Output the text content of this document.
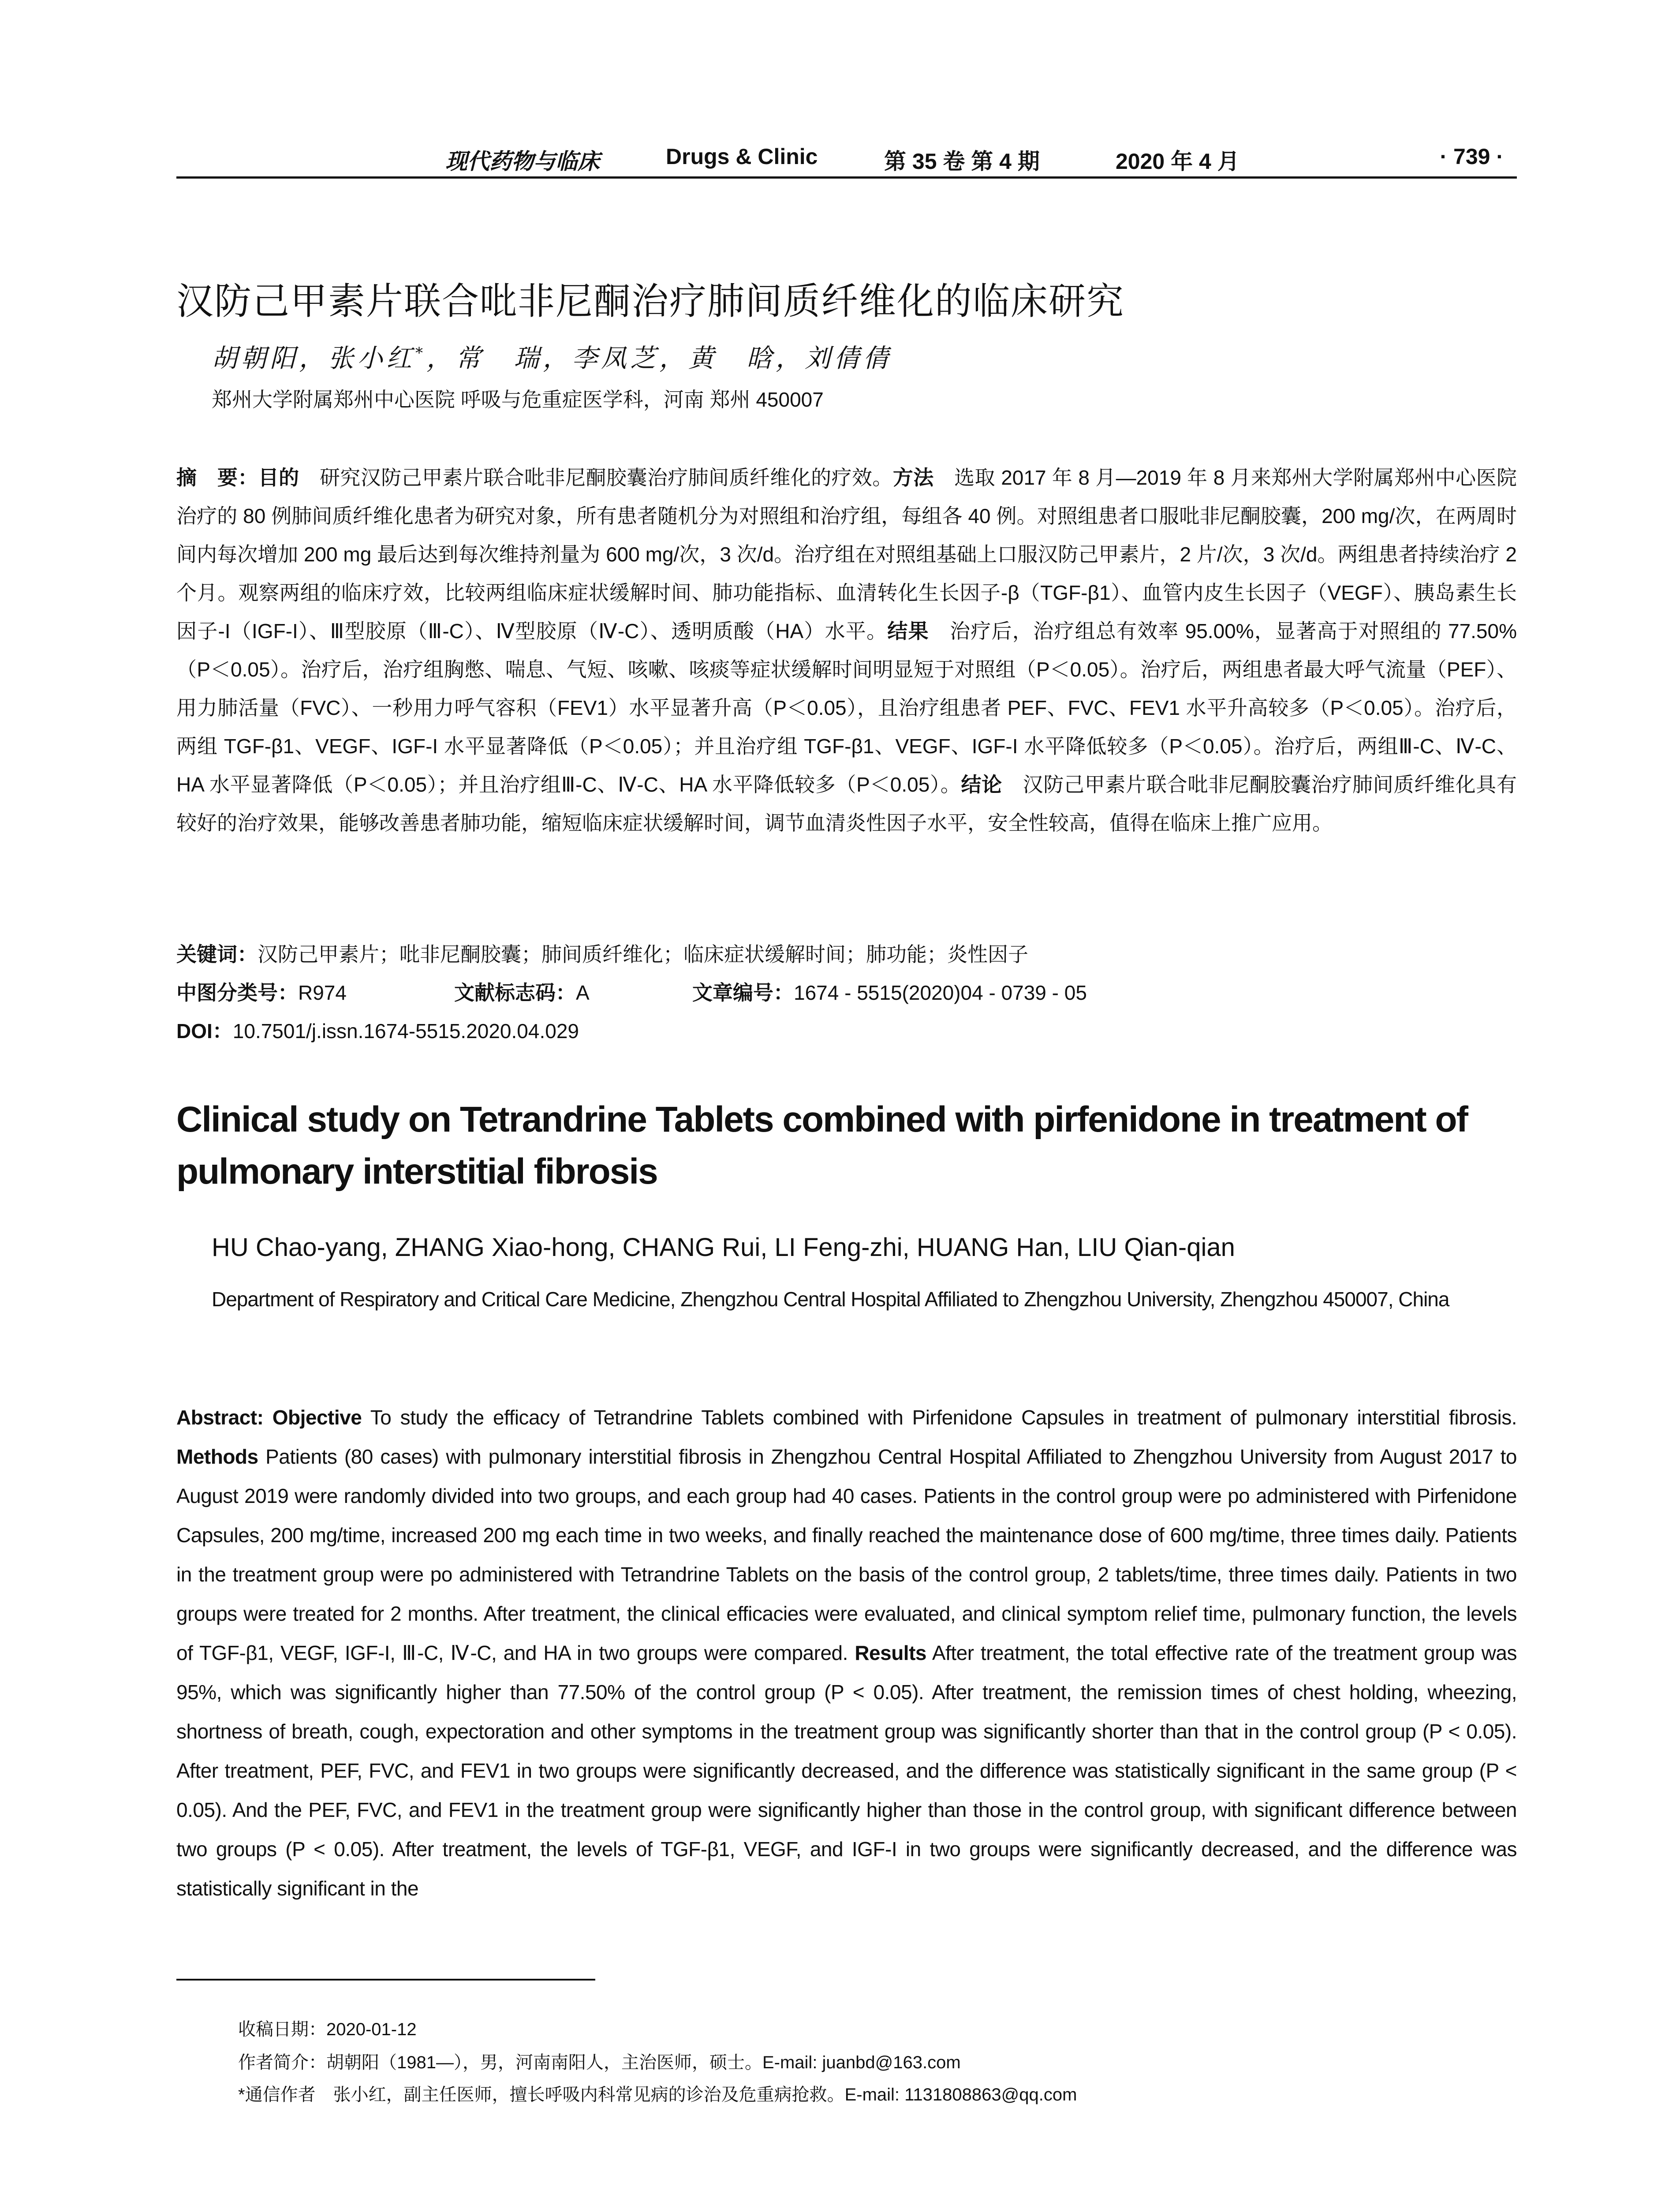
现代药物与临床	Drugs & Clinic	第 35 卷 第 4 期	2020 年 4 月	· 739 ·
汉防己甲素片联合吡非尼酮治疗肺间质纤维化的临床研究
胡朝阳，张小红*，常　瑞，李凤芝，黄　晗，刘倩倩
郑州大学附属郑州中心医院 呼吸与危重症医学科，河南 郑州 450007

摘　要：目的　研究汉防己甲素片联合吡非尼酮胶囊治疗肺间质纤维化的疗效。方法　选取 2017 年 8 月—2019 年 8 月来郑州大学附属郑州中心医院治疗的 80 例肺间质纤维化患者为研究对象，所有患者随机分为对照组和治疗组，每组各 40 例。对照组患者口服吡非尼酮胶囊，200 mg/次，在两周时间内每次增加 200 mg 最后达到每次维持剂量为 600 mg/次，3 次/d。治疗组在对照组基础上口服汉防己甲素片，2 片/次，3 次/d。两组患者持续治疗 2 个月。观察两组的临床疗效，比较两组临床症状缓解时间、肺功能指标、血清转化生长因子-β（TGF-β1）、血管内皮生长因子（VEGF）、胰岛素生长因子-I（IGF-I）、Ⅲ型胶原（Ⅲ-C）、Ⅳ型胶原（Ⅳ-C）、透明质酸（HA）水平。结果　治疗后，治疗组总有效率 95.00%，显著高于对照组的 77.50%（P＜0.05）。治疗后，治疗组胸憋、喘息、气短、咳嗽、咳痰等症状缓解时间明显短于对照组（P＜0.05）。治疗后，两组患者最大呼气流量（PEF）、用力肺活量（FVC）、一秒用力呼气容积（FEV1）水平显著升高（P＜0.05），且治疗组患者 PEF、FVC、FEV1 水平升高较多（P＜0.05）。治疗后，两组 TGF-β1、VEGF、IGF-I 水平显著降低（P＜0.05）；并且治疗组 TGF-β1、VEGF、IGF-I 水平降低较多（P＜0.05）。治疗后，两组Ⅲ-C、Ⅳ-C、HA 水平显著降低（P＜0.05）；并且治疗组Ⅲ-C、Ⅳ-C、HA 水平降低较多（P＜0.05）。结论　汉防己甲素片联合吡非尼酮胶囊治疗肺间质纤维化具有较好的治疗效果，能够改善患者肺功能，缩短临床症状缓解时间，调节血清炎性因子水平，安全性较高，值得在临床上推广应用。

关键词：汉防己甲素片；吡非尼酮胶囊；肺间质纤维化；临床症状缓解时间；肺功能；炎性因子
中图分类号：R974	文献标志码：A	文章编号：1674 - 5515(2020)04 - 0739 - 05
DOI：10.7501/j.issn.1674-5515.2020.04.029
Clinical study on Tetrandrine Tablets combined with pirfenidone in treatment of pulmonary interstitial fibrosis
HU Chao-yang, ZHANG Xiao-hong, CHANG Rui, LI Feng-zhi, HUANG Han, LIU Qian-qian

Department of Respiratory and Critical Care Medicine, Zhengzhou Central Hospital Affiliated to Zhengzhou University, Zhengzhou 450007, China

Abstract: Objective To study the efficacy of Tetrandrine Tablets combined with Pirfenidone Capsules in treatment of pulmonary interstitial fibrosis. Methods Patients (80 cases) with pulmonary interstitial fibrosis in Zhengzhou Central Hospital Affiliated to Zhengzhou University from August 2017 to August 2019 were randomly divided into two groups, and each group had 40 cases. Patients in the control group were po administered with Pirfenidone Capsules, 200 mg/time, increased 200 mg each time in two weeks, and finally reached the maintenance dose of 600 mg/time, three times daily. Patients in the treatment group were po administered with Tetrandrine Tablets on the basis of the control group, 2 tablets/time, three times daily. Patients in two groups were treated for 2 months. After treatment, the clinical efficacies were evaluated, and clinical symptom relief time, pulmonary function, the levels of TGF-β1, VEGF, IGF-I, Ⅲ-C, Ⅳ-C, and HA in two groups were compared. Results After treatment, the total effective rate of the treatment group was 95%, which was significantly higher than 77.50% of the control group (P < 0.05). After treatment, the remission times of chest holding, wheezing, shortness of breath, cough, expectoration and other symptoms in the treatment group was significantly shorter than that in the control group (P < 0.05). After treatment, PEF, FVC, and FEV1 in two groups were significantly decreased, and the difference was statistically significant in the same group (P < 0.05). And the PEF, FVC, and FEV1 in the treatment group were significantly higher than those in the control group, with significant difference between two groups (P < 0.05). After treatment, the levels of TGF-β1, VEGF, and IGF-I in two groups were significantly decreased, and the difference was statistically significant in the

收稿日期：2020-01-12
作者简介：胡朝阳（1981—），男，河南南阳人，主治医师，硕士。E-mail: juanbd@163.com
*通信作者　张小红，副主任医师，擅长呼吸内科常见病的诊治及危重病抢救。E-mail: 1131808863@qq.com
